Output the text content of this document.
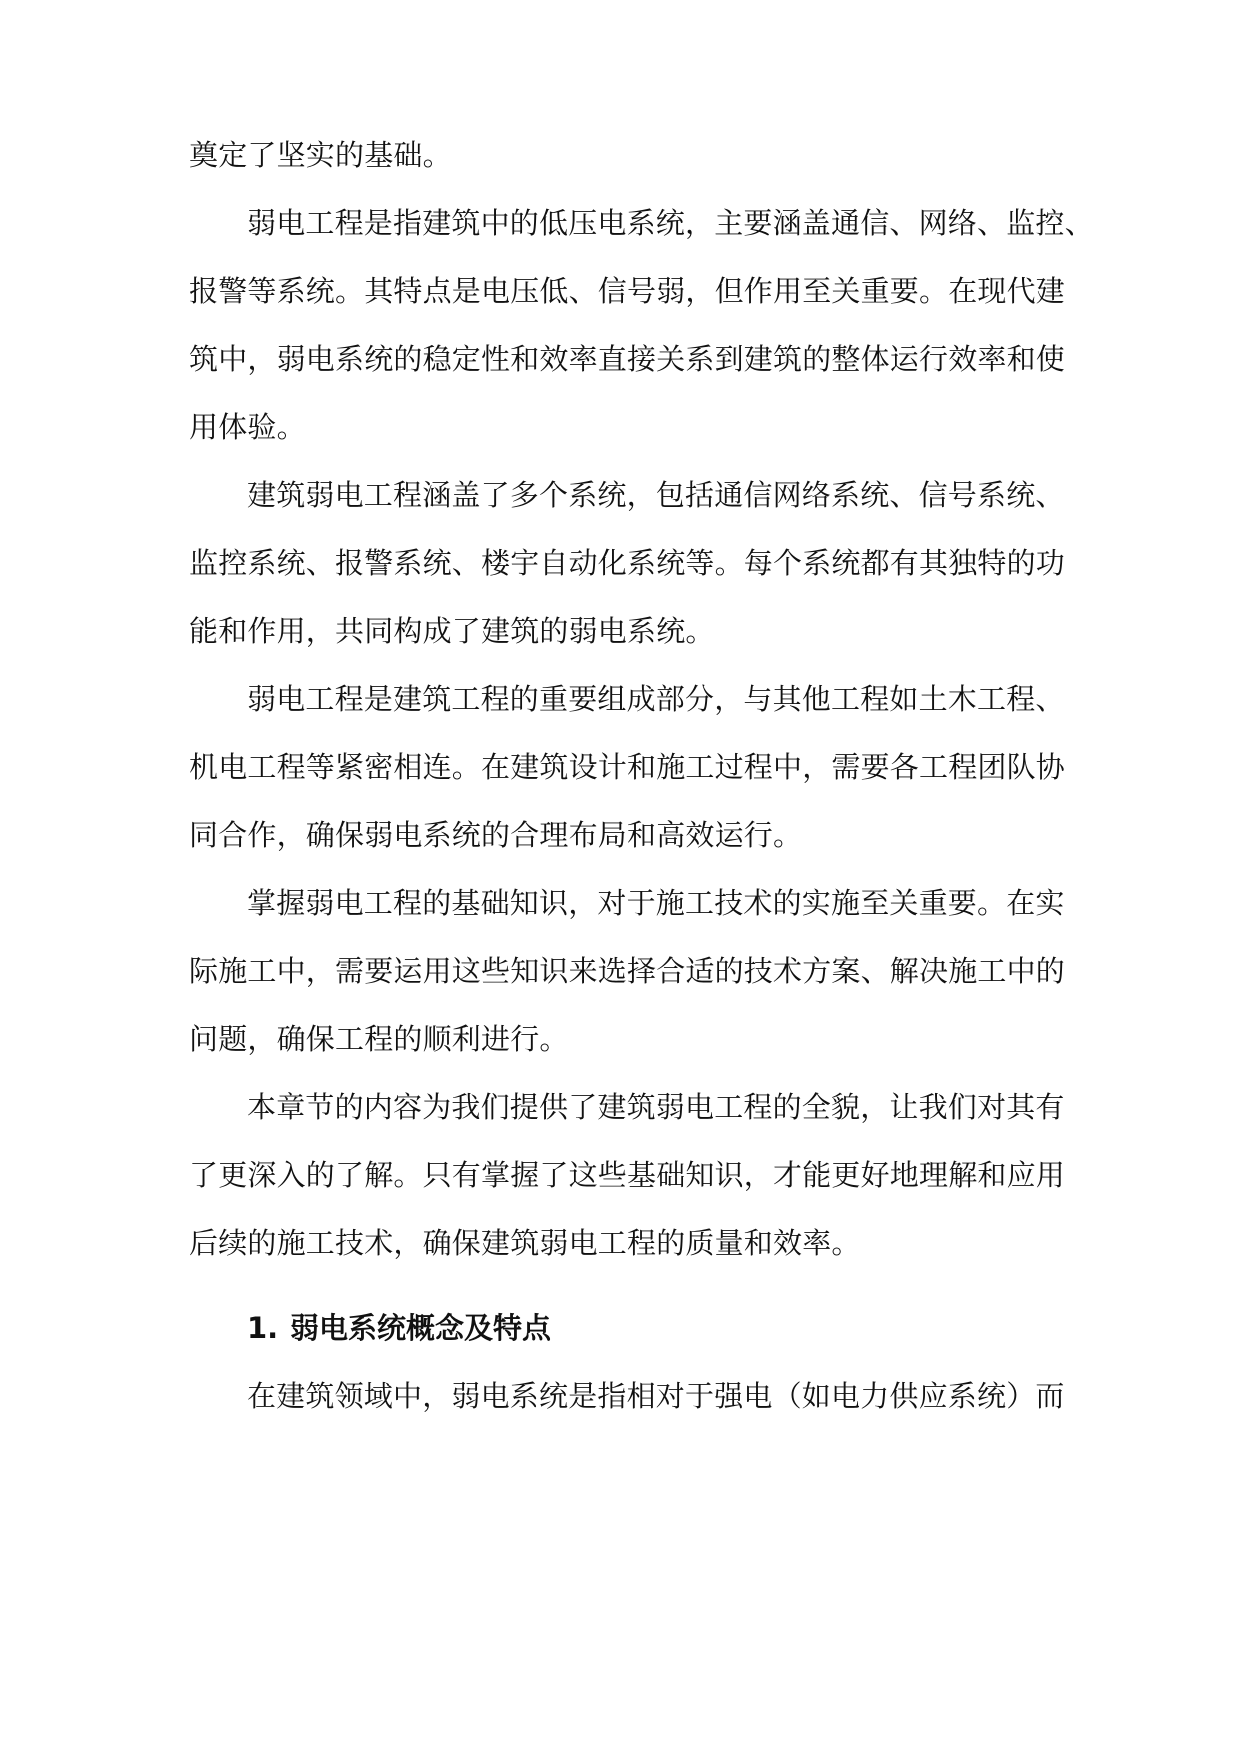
奠定了坚实的基础。
弱电工程是指建筑中的低压电系统，主要涵盖通信、网络、监控、
报警等系统。其特点是电压低、信号弱，但作用至关重要。在现代建
筑中，弱电系统的稳定性和效率直接关系到建筑的整体运行效率和使
用体验。
建筑弱电工程涵盖了多个系统，包括通信网络系统、信号系统、
监控系统、报警系统、楼宇自动化系统等。每个系统都有其独特的功
能和作用，共同构成了建筑的弱电系统。
弱电工程是建筑工程的重要组成部分，与其他工程如土木工程、
机电工程等紧密相连。在建筑设计和施工过程中，需要各工程团队协
同合作，确保弱电系统的合理布局和高效运行。
掌握弱电工程的基础知识，对于施工技术的实施至关重要。在实
际施工中，需要运用这些知识来选择合适的技术方案、解决施工中的
问题，确保工程的顺利进行。
本章节的内容为我们提供了建筑弱电工程的全貌，让我们对其有
了更深入的了解。只有掌握了这些基础知识，才能更好地理解和应用
后续的施工技术，确保建筑弱电工程的质量和效率。
1. 弱电系统概念及特点
在建筑领域中，弱电系统是指相对于强电（如电力供应系统）而
